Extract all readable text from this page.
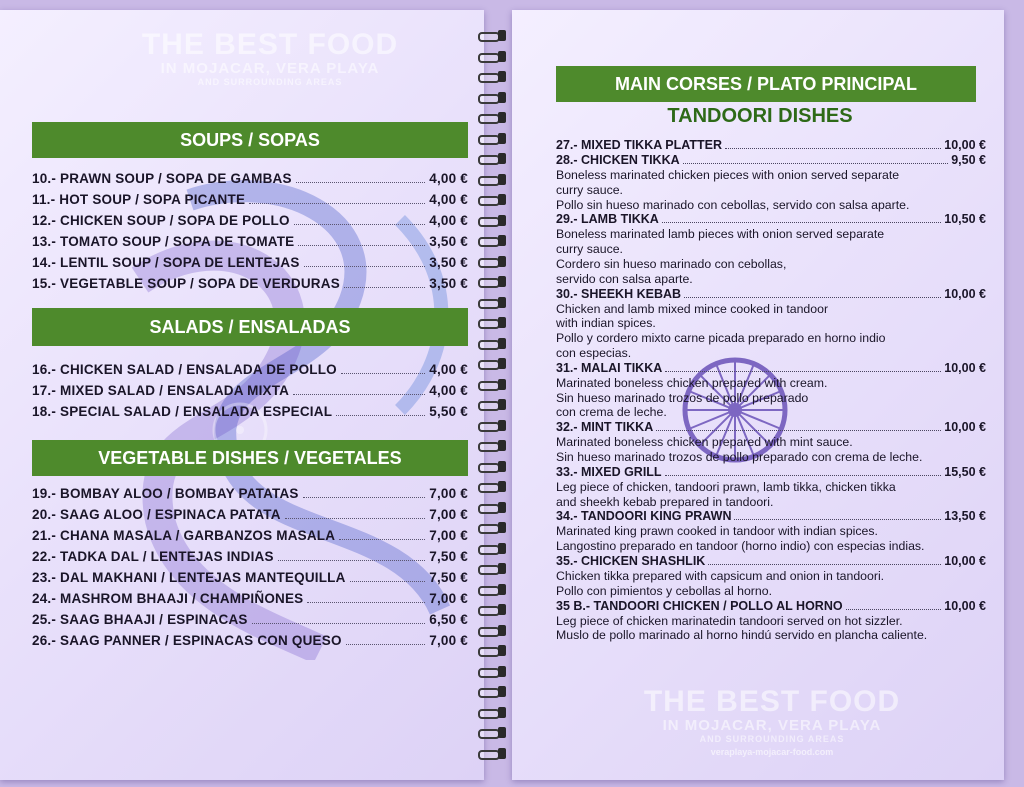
THE BEST FOOD
IN MOJACAR, VERA PLAYA
AND SURROUNDING AREAS
SOUPS / SOPAS
10.- PRAWN SOUP / SOPA DE GAMBAS	4,00 €
11.- HOT SOUP / SOPA PICANTE	4,00 €
12.- CHICKEN SOUP / SOPA DE POLLO	4,00 €
13.- TOMATO SOUP / SOPA DE TOMATE	3,50 €
14.- LENTIL SOUP / SOPA DE LENTEJAS	3,50 €
15.- VEGETABLE SOUP / SOPA DE VERDURAS	3,50 €
SALADS / ENSALADAS
16.- CHICKEN SALAD / ENSALADA DE POLLO	4,00 €
17.- MIXED SALAD / ENSALADA MIXTA	4,00 €
18.- SPECIAL SALAD / ENSALADA ESPECIAL	5,50 €
VEGETABLE DISHES / VEGETALES
19.- BOMBAY ALOO / BOMBAY PATATAS	7,00 €
20.- SAAG ALOO / ESPINACA PATATA	7,00 €
21.- CHANA MASALA / GARBANZOS MASALA	7,00 €
22.- TADKA DAL / LENTEJAS INDIAS	7,50 €
23.- DAL MAKHANI / LENTEJAS MANTEQUILLA	7,50 €
24.- MASHROM BHAAJI / CHAMPIÑONES	7,00 €
25.- SAAG BHAAJI / ESPINACAS	6,50 €
26.- SAAG PANNER / ESPINACAS CON QUESO	7,00 €
THE BEST FOOD
IN MOJACAR, VERA PLAYA
AND SURROUNDING AREAS
veraplaya-mojacar-food.com
MAIN CORSES / PLATO PRINCIPAL
TANDOORI DISHES
27.- MIXED TIKKA PLATTER	10,00 €
28.- CHICKEN TIKKA	9,50 €
Boneless marinated chicken pieces with onion served separate
curry sauce.
Pollo sin hueso marinado con cebollas, servido con salsa aparte.
29.- LAMB TIKKA	10,50 €
Boneless marinated lamb pieces with onion served separate
curry sauce.
Cordero sin hueso marinado con cebollas,
servido con salsa aparte.
30.- SHEEKH KEBAB	10,00 €
Chicken and lamb mixed mince cooked in tandoor
with indian spices.
Pollo y cordero mixto carne picada preparado en horno indio
con especias.
31.- MALAI TIKKA	10,00 €
Marinated boneless chicken prepared with cream.
Sin hueso marinado trozos de pollo preparado
con crema de leche.
32.- MINT TIKKA	10,00 €
Marinated boneless chicken prepared with mint sauce.
Sin hueso marinado trozos de pollo preparado con crema de leche.
33.- MIXED GRILL	15,50 €
Leg piece of chicken, tandoori prawn, lamb tikka, chicken tikka
and sheekh kebab prepared in tandoori.
34.- TANDOORI KING PRAWN	13,50 €
Marinated king prawn cooked in tandoor with indian spices.
Langostino preparado en tandoor (horno indio) con especias indias.
35.- CHICKEN SHASHLIK	10,00 €
Chicken tikka prepared with capsicum and onion in tandoori.
Pollo con pimientos y cebollas al horno.
35 B.- TANDOORI CHICKEN / POLLO AL HORNO	10,00 €
Leg piece of chicken marinatedin tandoori served on hot sizzler.
Muslo de pollo marinado al horno hindú servido en plancha caliente.
